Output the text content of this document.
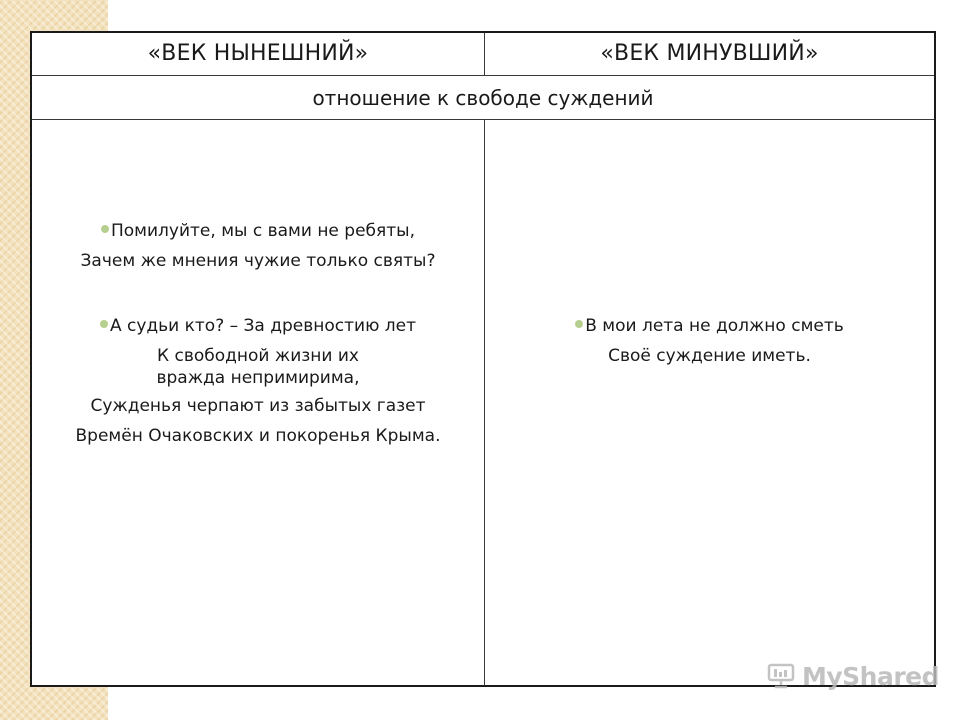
«ВЕК НЫНЕШНИЙ»	«ВЕК МИНУВШИЙ»
отношение к свободе суждений
Помилуйте, мы с вами не ребяты,
Зачем же мнения чужие только святы?
А судьи кто? – За древностию лет
К свободной жизни их вражда непримирима,
Сужденья черпают из забытых газет
Времён Очаковских и покоренья Крыма.
В мои лета не должно сметь
Своё суждение иметь.
MyShared
